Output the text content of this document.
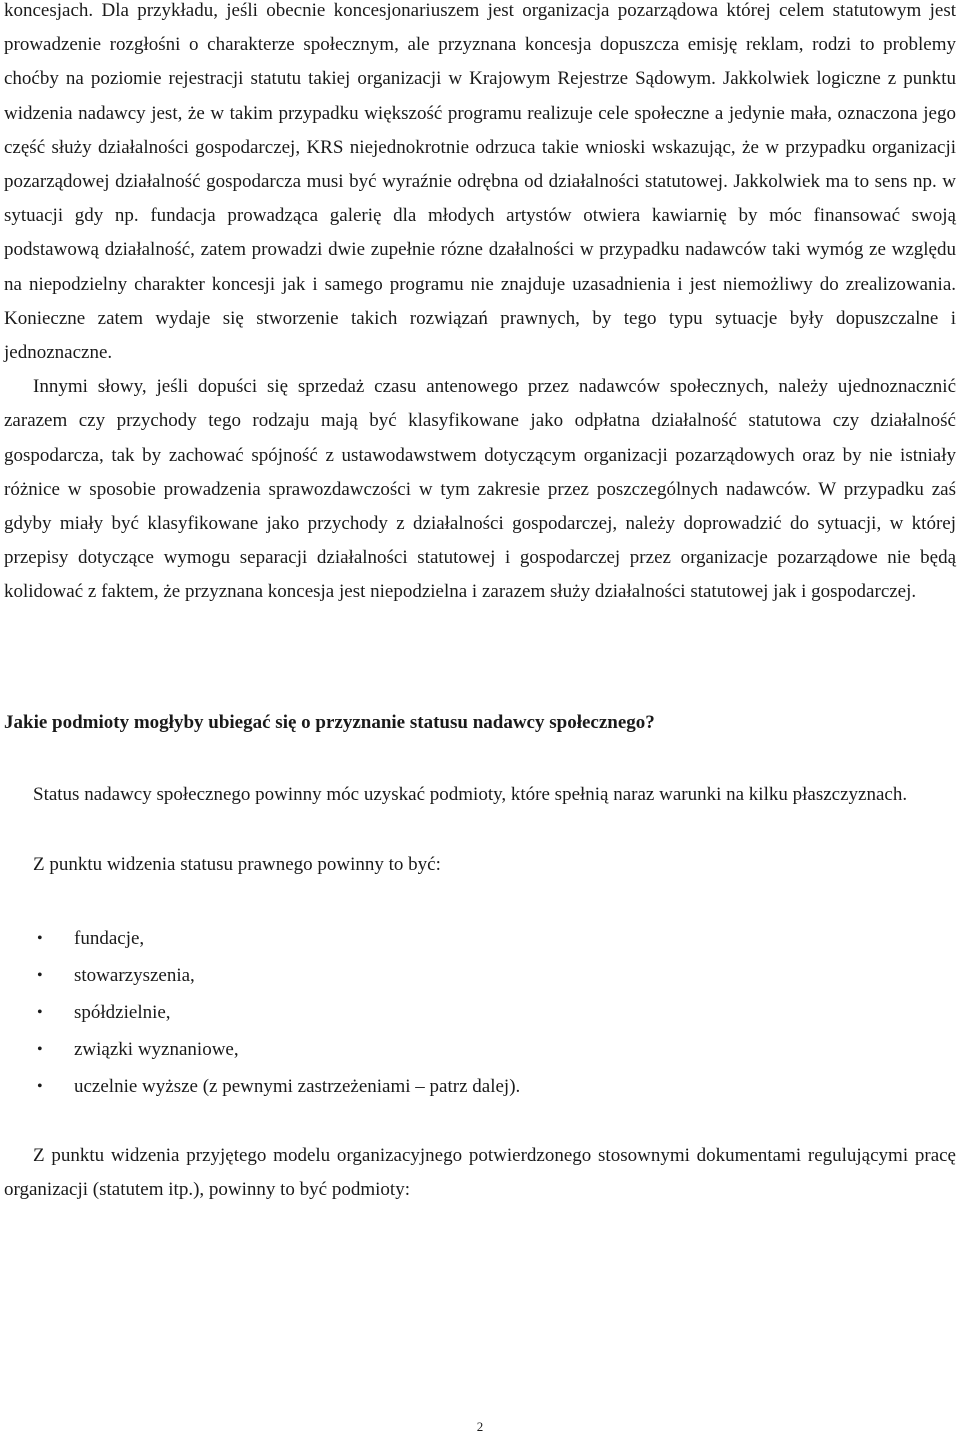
koncesjach. Dla przykładu, jeśli obecnie koncesjonariuszem jest organizacja pozarządowa której celem statutowym jest prowadzenie rozgłośni o charakterze społecznym, ale przyznana koncesja dopuszcza emisję reklam, rodzi to problemy choćby na poziomie rejestracji statutu takiej organizacji w Krajowym Rejestrze Sądowym. Jakkolwiek logiczne z punktu widzenia nadawcy jest, że w takim przypadku większość programu realizuje cele społeczne a jedynie mała, oznaczona jego część służy działalności gospodarczej, KRS niejednokrotnie odrzuca takie wnioski wskazując, że w przypadku organizacji pozarządowej działalność gospodarcza musi być wyraźnie odrębna od działalności statutowej. Jakkolwiek ma to sens np. w sytuacji gdy np. fundacja prowadząca galerię dla młodych artystów otwiera kawiarnię by móc finansować swoją podstawową działalność, zatem prowadzi dwie zupełnie rózne dzałalności w przypadku nadawców taki wymóg ze względu na niepodzielny charakter koncesji jak i samego programu nie znajduje uzasadnienia i jest niemożliwy do zrealizowania. Konieczne zatem wydaje się stworzenie takich rozwiązań prawnych, by tego typu sytuacje były dopuszczalne i jednoznaczne.

Innymi słowy, jeśli dopuści się sprzedaż czasu antenowego przez nadawców społecznych, należy ujednoznacznić zarazem czy przychody tego rodzaju mają być klasyfikowane jako odpłatna działalność statutowa czy działalność gospodarcza, tak by zachować spójność z ustawodawstwem dotyczącym organizacji pozarządowych oraz by nie istniały różnice w sposobie prowadzenia sprawozdawczości w tym zakresie przez poszczególnych nadawców. W przypadku zaś gdyby miały być klasyfikowane jako przychody z działalności gospodarczej, należy doprowadzić do sytuacji, w której przepisy dotyczące wymogu separacji działalności statutowej i gospodarczej przez organizacje pozarządowe nie będą kolidować z faktem, że przyznana koncesja jest niepodzielna i zarazem służy działalności statutowej jak i gospodarczej.

Jakie podmioty mogłyby ubiegać się o przyznanie statusu nadawcy społecznego?

Status nadawcy społecznego powinny móc uzyskać podmioty, które spełnią naraz warunki na kilku płaszczyznach.

Z punktu widzenia statusu prawnego powinny to być:

• fundacje,
• stowarzyszenia,
• spółdzielnie,
• związki wyznaniowe,
• uczelnie wyższe (z pewnymi zastrzeżeniami – patrz dalej).

Z punktu widzenia przyjętego modelu organizacyjnego potwierdzonego stosownymi dokumentami regulującymi pracę organizacji (statutem itp.), powinny to być podmioty:

2
